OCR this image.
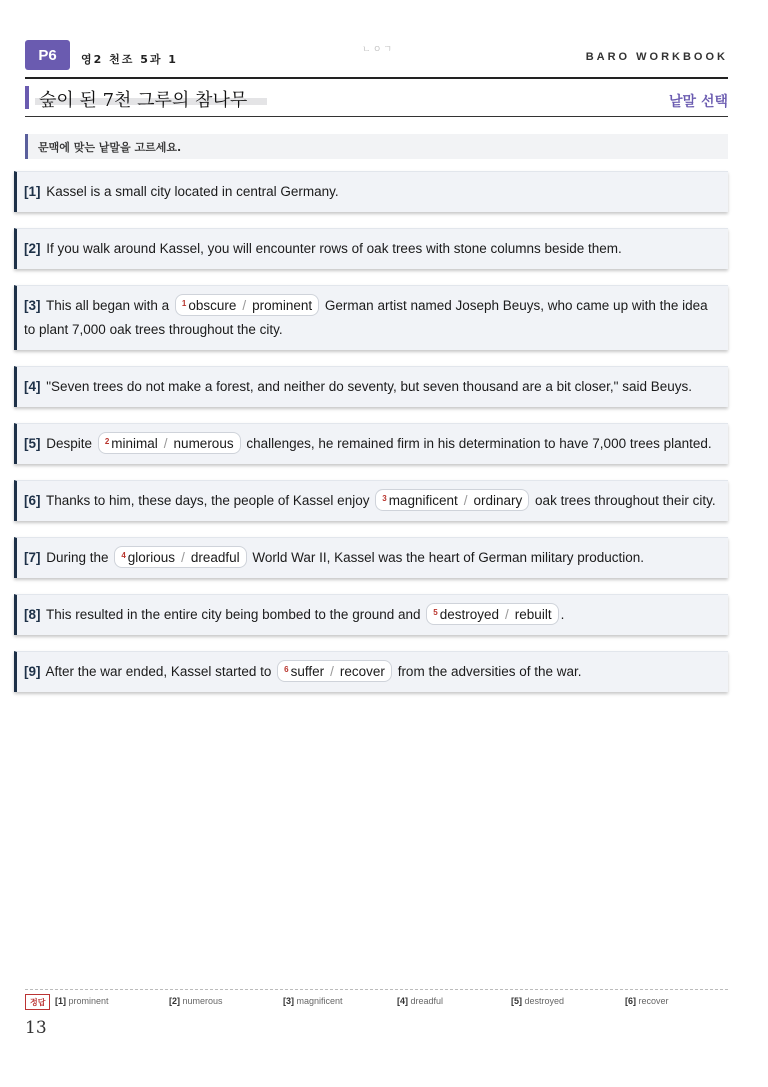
P6	영2 천조 5과 1
ㄴㅇㄱ
BARO WORKBOOK
숲이 된 7천 그루의 참나무	낱말 선택
문맥에 맞는 낱말을 고르세요.
[1] Kassel is a small city located in central Germany.
[2] If you walk around Kassel, you will encounter rows of oak trees with stone columns beside them.
[3] This all began with a $^1$ obscure / prominent German artist named Joseph Beuys, who came up with the idea to plant 7,000 oak trees throughout the city.
[4] "Seven trees do not make a forest, and neither do seventy, but seven thousand are a bit closer," said Beuys.
[5] Despite $^2$ minimal / numerous challenges, he remained firm in his determination to have 7,000 trees planted.
[6] Thanks to him, these days, the people of Kassel enjoy $^3$ magnificent / ordinary oak trees throughout their city.
[7] During the $^4$ glorious / dreadful World War II, Kassel was the heart of German military production.
[8] This resulted in the entire city being bombed to the ground and $^5$ destroyed / rebuilt .
[9] After the war ended, Kassel started to $^6$ suffer / recover from the adversities of the war.
정답	[1] prominent	[2] numerous	[3] magnificent	[4] dreadful	[5] destroyed	[6] recover
13
